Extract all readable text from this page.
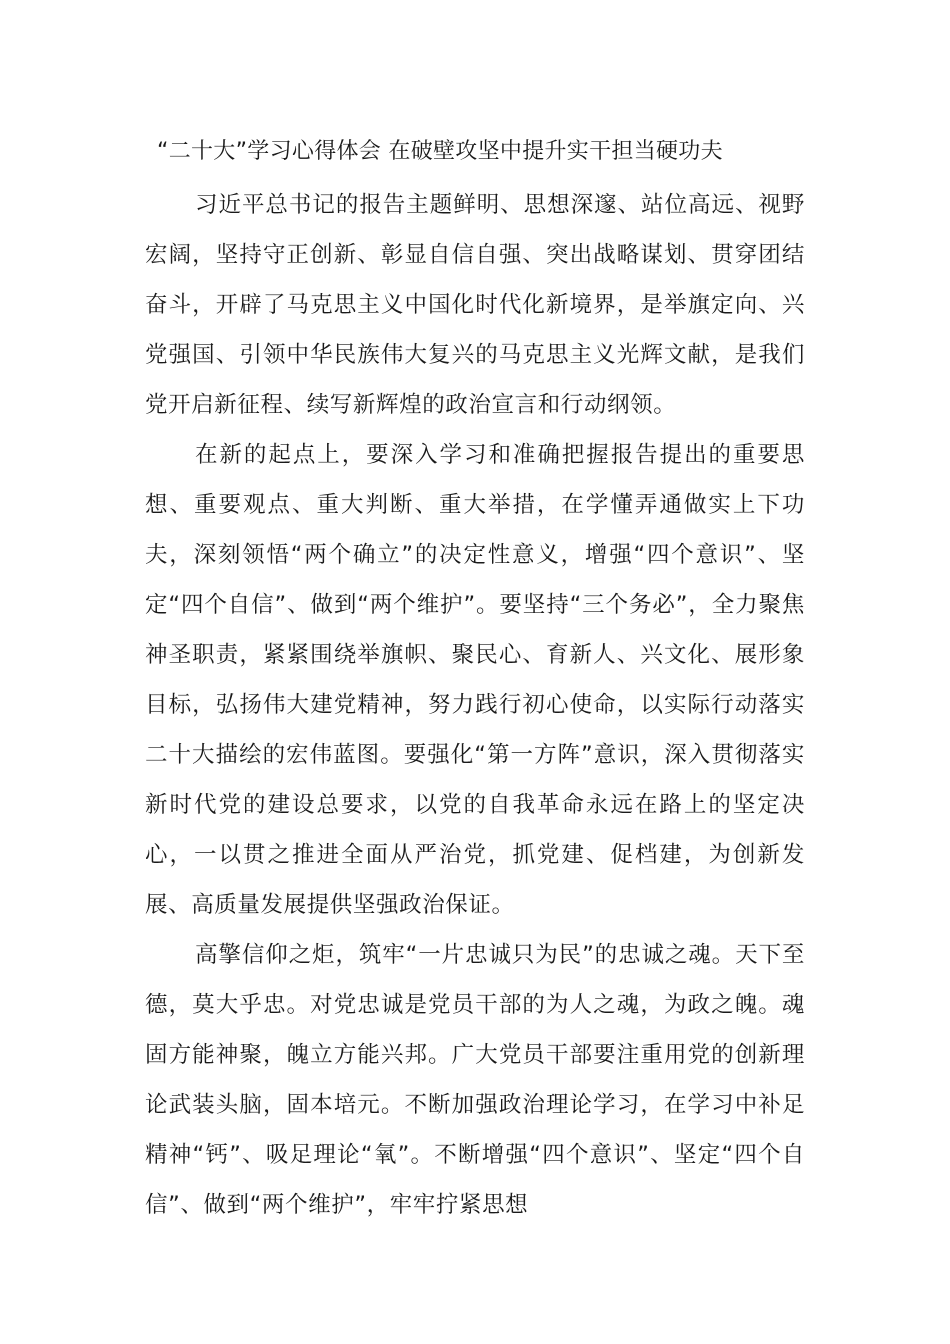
“二十大”学习心得体会 在破壁攻坚中提升实干担当硬功夫

习近平总书记的报告主题鲜明、思想深邃、站位高远、视野宏阔，坚持守正创新、彰显自信自强、突出战略谋划、贯穿团结奋斗，开辟了马克思主义中国化时代化新境界，是举旗定向、兴党强国、引领中华民族伟大复兴的马克思主义光辉文献，是我们党开启新征程、续写新辉煌的政治宣言和行动纲领。

在新的起点上，要深入学习和准确把握报告提出的重要思想、重要观点、重大判断、重大举措，在学懂弄通做实上下功夫，深刻领悟“两个确立”的决定性意义，增强“四个意识”、坚定“四个自信”、做到“两个维护”。要坚持“三个务必”，全力聚焦神圣职责，紧紧围绕举旗帜、聚民心、育新人、兴文化、展形象目标，弘扬伟大建党精神，努力践行初心使命，以实际行动落实二十大描绘的宏伟蓝图。要强化“第一方阵”意识，深入贯彻落实新时代党的建设总要求，以党的自我革命永远在路上的坚定决心，一以贯之推进全面从严治党，抓党建、促档建，为创新发展、高质量发展提供坚强政治保证。

高擎信仰之炬，筑牢“一片忠诚只为民”的忠诚之魂。天下至德，莫大乎忠。对党忠诚是党员干部的为人之魂，为政之魄。魂固方能神聚，魄立方能兴邦。广大党员干部要注重用党的创新理论武装头脑，固本培元。不断加强政治理论学习，在学习中补足精神“钙”、吸足理论“氧”。不断增强“四个意识”、坚定“四个自信”、做到“两个维护”，牢牢拧紧思想
